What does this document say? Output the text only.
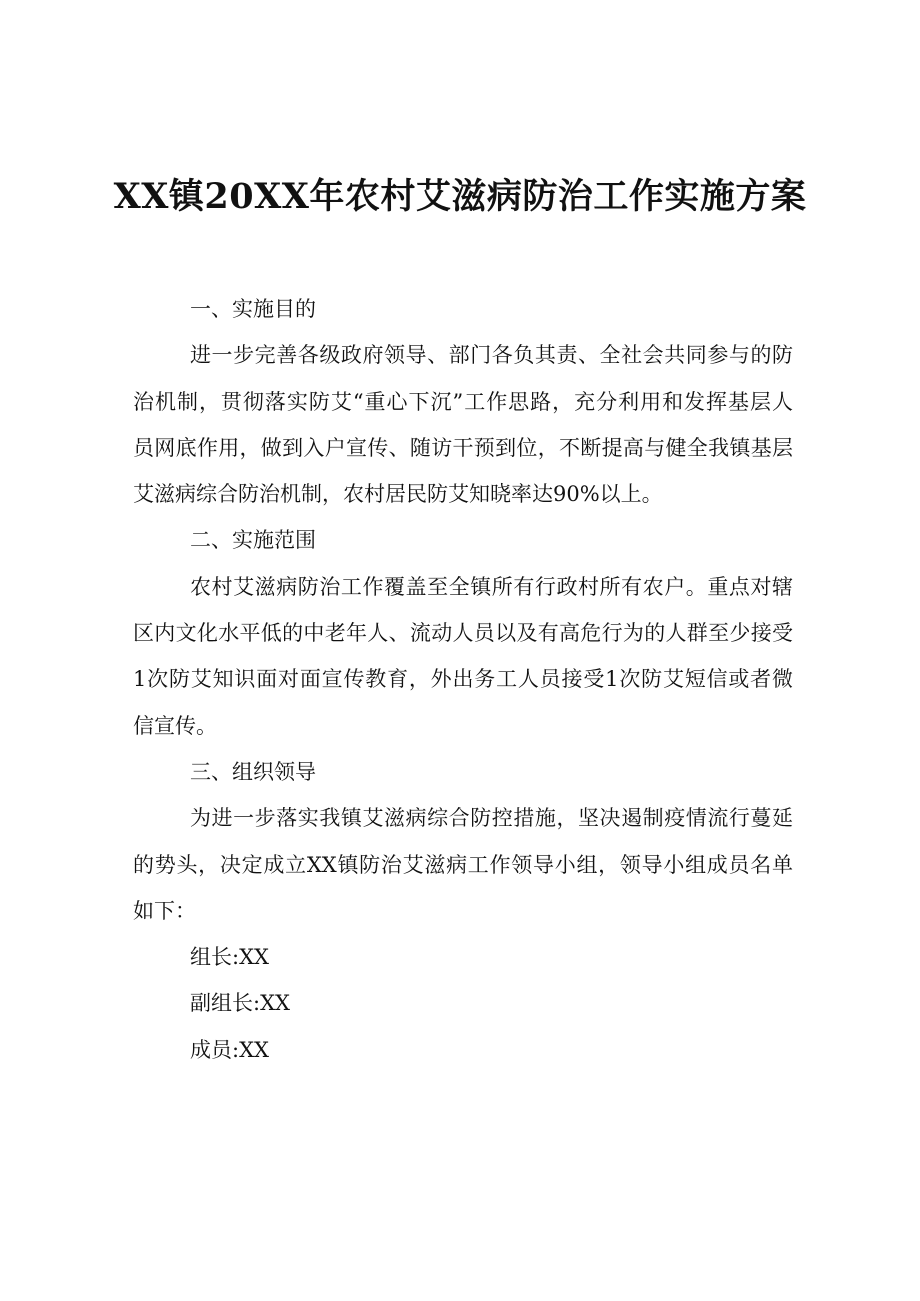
XX镇20XX年农村艾滋病防治工作实施方案
一、实施目的
进一步完善各级政府领导、部门各负其责、全社会共同参与的防
治机制，贯彻落实防艾“重心下沉”工作思路，充分利用和发挥基层人
员网底作用，做到入户宣传、随访干预到位，不断提高与健全我镇基层
艾滋病综合防治机制，农村居民防艾知晓率达90%以上。
二、实施范围
农村艾滋病防治工作覆盖至全镇所有行政村所有农户。重点对辖
区内文化水平低的中老年人、流动人员以及有高危行为的人群至少接受
1次防艾知识面对面宣传教育，外出务工人员接受1次防艾短信或者微
信宣传。
三、组织领导
为进一步落实我镇艾滋病综合防控措施，坚决遏制疫情流行蔓延
的势头，决定成立XX镇防治艾滋病工作领导小组，领导小组成员名单
如下：
组长:XX
副组长:XX
成员:XX
